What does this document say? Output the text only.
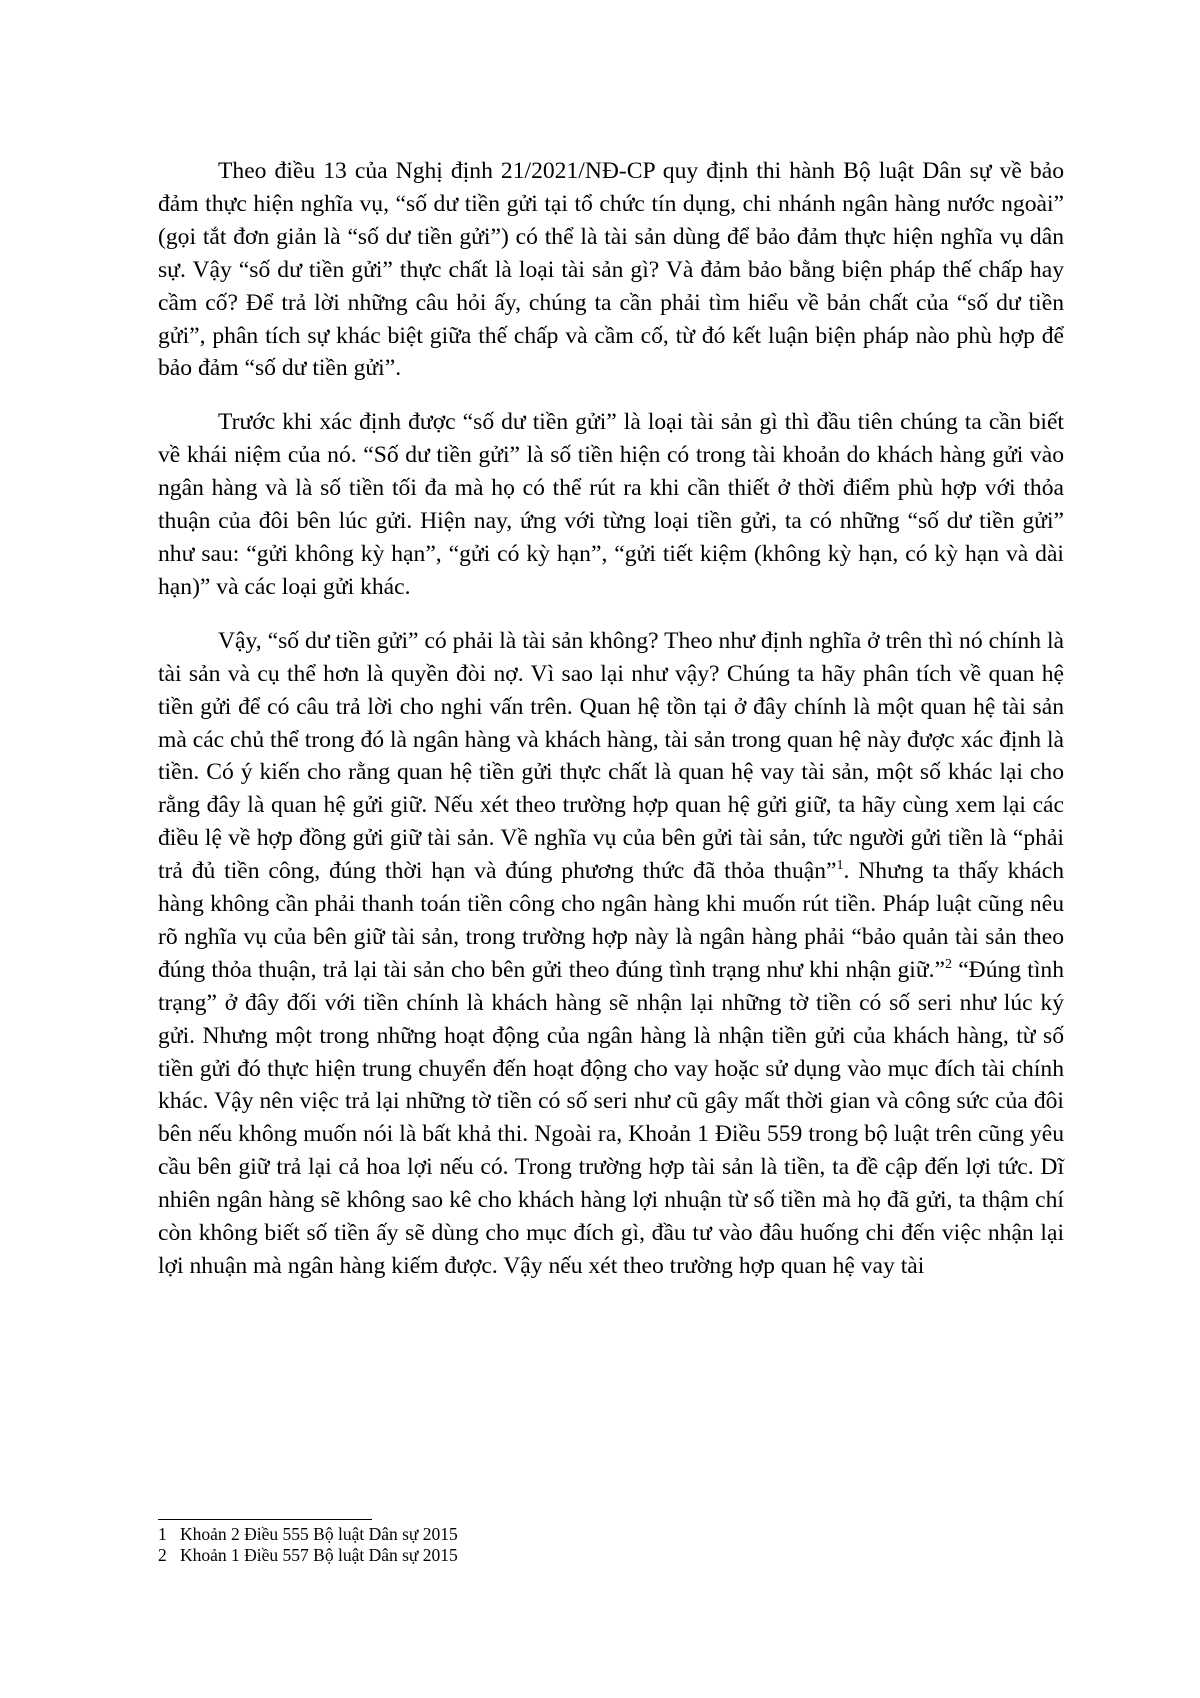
Theo điều 13 của Nghị định 21/2021/NĐ-CP quy định thi hành Bộ luật Dân sự về bảo đảm thực hiện nghĩa vụ, “số dư tiền gửi tại tổ chức tín dụng, chi nhánh ngân hàng nước ngoài” (gọi tắt đơn giản là “số dư tiền gửi”) có thể là tài sản dùng để bảo đảm thực hiện nghĩa vụ dân sự. Vậy “số dư tiền gửi” thực chất là loại tài sản gì? Và đảm bảo bằng biện pháp thế chấp hay cầm cố? Để trả lời những câu hỏi ấy, chúng ta cần phải tìm hiểu về bản chất của “số dư tiền gửi”, phân tích sự khác biệt giữa thế chấp và cầm cố, từ đó kết luận biện pháp nào phù hợp để bảo đảm “số dư tiền gửi”.

Trước khi xác định được “số dư tiền gửi” là loại tài sản gì thì đầu tiên chúng ta cần biết về khái niệm của nó. “Số dư tiền gửi” là số tiền hiện có trong tài khoản do khách hàng gửi vào ngân hàng và là số tiền tối đa mà họ có thể rút ra khi cần thiết ở thời điểm phù hợp với thỏa thuận của đôi bên lúc gửi. Hiện nay, ứng với từng loại tiền gửi, ta có những “số dư tiền gửi” như sau: “gửi không kỳ hạn”, “gửi có kỳ hạn”, “gửi tiết kiệm (không kỳ hạn, có kỳ hạn và dài hạn)” và các loại gửi khác.

Vậy, “số dư tiền gửi” có phải là tài sản không? Theo như định nghĩa ở trên thì nó chính là tài sản và cụ thể hơn là quyền đòi nợ. Vì sao lại như vậy? Chúng ta hãy phân tích về quan hệ tiền gửi để có câu trả lời cho nghi vấn trên. Quan hệ tồn tại ở đây chính là một quan hệ tài sản mà các chủ thể trong đó là ngân hàng và khách hàng, tài sản trong quan hệ này được xác định là tiền. Có ý kiến cho rằng quan hệ tiền gửi thực chất là quan hệ vay tài sản, một số khác lại cho rằng đây là quan hệ gửi giữ. Nếu xét theo trường hợp quan hệ gửi giữ, ta hãy cùng xem lại các điều lệ về hợp đồng gửi giữ tài sản. Về nghĩa vụ của bên gửi tài sản, tức người gửi tiền là “phải trả đủ tiền công, đúng thời hạn và đúng phương thức đã thỏa thuận”$^1$. Nhưng ta thấy khách hàng không cần phải thanh toán tiền công cho ngân hàng khi muốn rút tiền. Pháp luật cũng nêu rõ nghĩa vụ của bên giữ tài sản, trong trường hợp này là ngân hàng phải “bảo quản tài sản theo đúng thỏa thuận, trả lại tài sản cho bên gửi theo đúng tình trạng như khi nhận giữ.”$^2$ “Đúng tình trạng” ở đây đối với tiền chính là khách hàng sẽ nhận lại những tờ tiền có số seri như lúc ký gửi. Nhưng một trong những hoạt động của ngân hàng là nhận tiền gửi của khách hàng, từ số tiền gửi đó thực hiện trung chuyển đến hoạt động cho vay hoặc sử dụng vào mục đích tài chính khác. Vậy nên việc trả lại những tờ tiền có số seri như cũ gây mất thời gian và công sức của đôi bên nếu không muốn nói là bất khả thi. Ngoài ra, Khoản 1 Điều 559 trong bộ luật trên cũng yêu cầu bên giữ trả lại cả hoa lợi nếu có. Trong trường hợp tài sản là tiền, ta đề cập đến lợi tức. Dĩ nhiên ngân hàng sẽ không sao kê cho khách hàng lợi nhuận từ số tiền mà họ đã gửi, ta thậm chí còn không biết số tiền ấy sẽ dùng cho mục đích gì, đầu tư vào đâu huống chi đến việc nhận lại lợi nhuận mà ngân hàng kiếm được. Vậy nếu xét theo trường hợp quan hệ vay tài

1 Khoản 2 Điều 555 Bộ luật Dân sự 2015
2 Khoản 1 Điều 557 Bộ luật Dân sự 2015
